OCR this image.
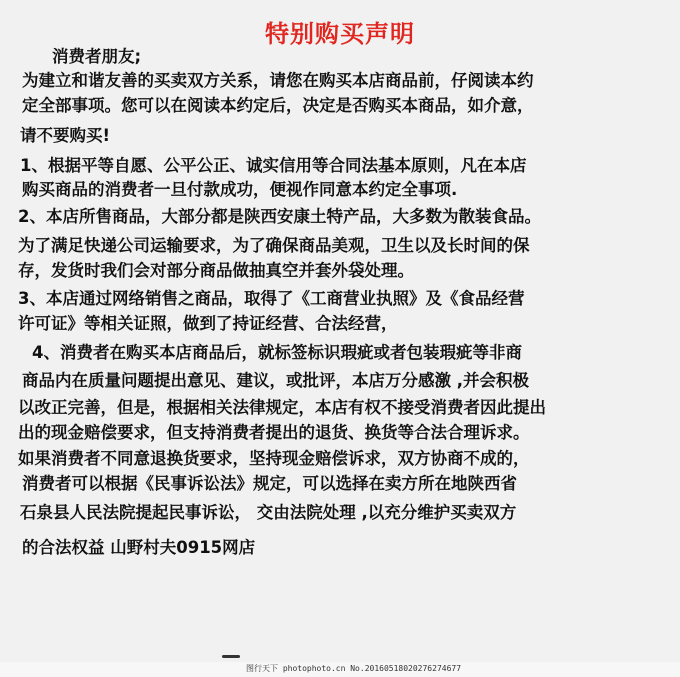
特别购买声明
消费者朋友;
为建立和谐友善的买卖双方关系，请您在购买本店商品前，仔阅读本约
定全部事项。您可以在阅读本约定后，决定是否购买本商品，如介意，
请不要购买!
1、根据平等自愿、公平公正、诚实信用等合同法基本原则，凡在本店
购买商品的消费者一旦付款成功，便视作同意本约定全事项.
2、本店所售商品，大部分都是陕西安康土特产品，大多数为散装食品。
为了满足快递公司运输要求，为了确保商品美观，卫生以及长时间的保
存，发货时我们会对部分商品做抽真空并套外袋处理。
3、本店通过网络销售之商品，取得了《工商营业执照》及《食品经营
许可证》等相关证照，做到了持证经营、合法经营，
4、消费者在购买本店商品后，就标签标识瑕疵或者包装瑕疵等非商
商品内在质量问题提出意见、建议，或批评，本店万分感激 ,并会积极
以改正完善，但是，根据相关法律规定，本店有权不接受消费者因此提出
出的现金赔偿要求，但支持消费者提出的退货、换货等合法合理诉求。
如果消费者不同意退换货要求，坚持现金赔偿诉求，双方协商不成的，
消费者可以根据《民事诉讼法》规定，可以选择在卖方所在地陕西省
石泉县人民法院提起民事诉讼， 交由法院处理 ,以充分维护买卖双方
的合法权益 山野村夫0915网店
图行天下 photophoto.cn No.20160518020276274677
